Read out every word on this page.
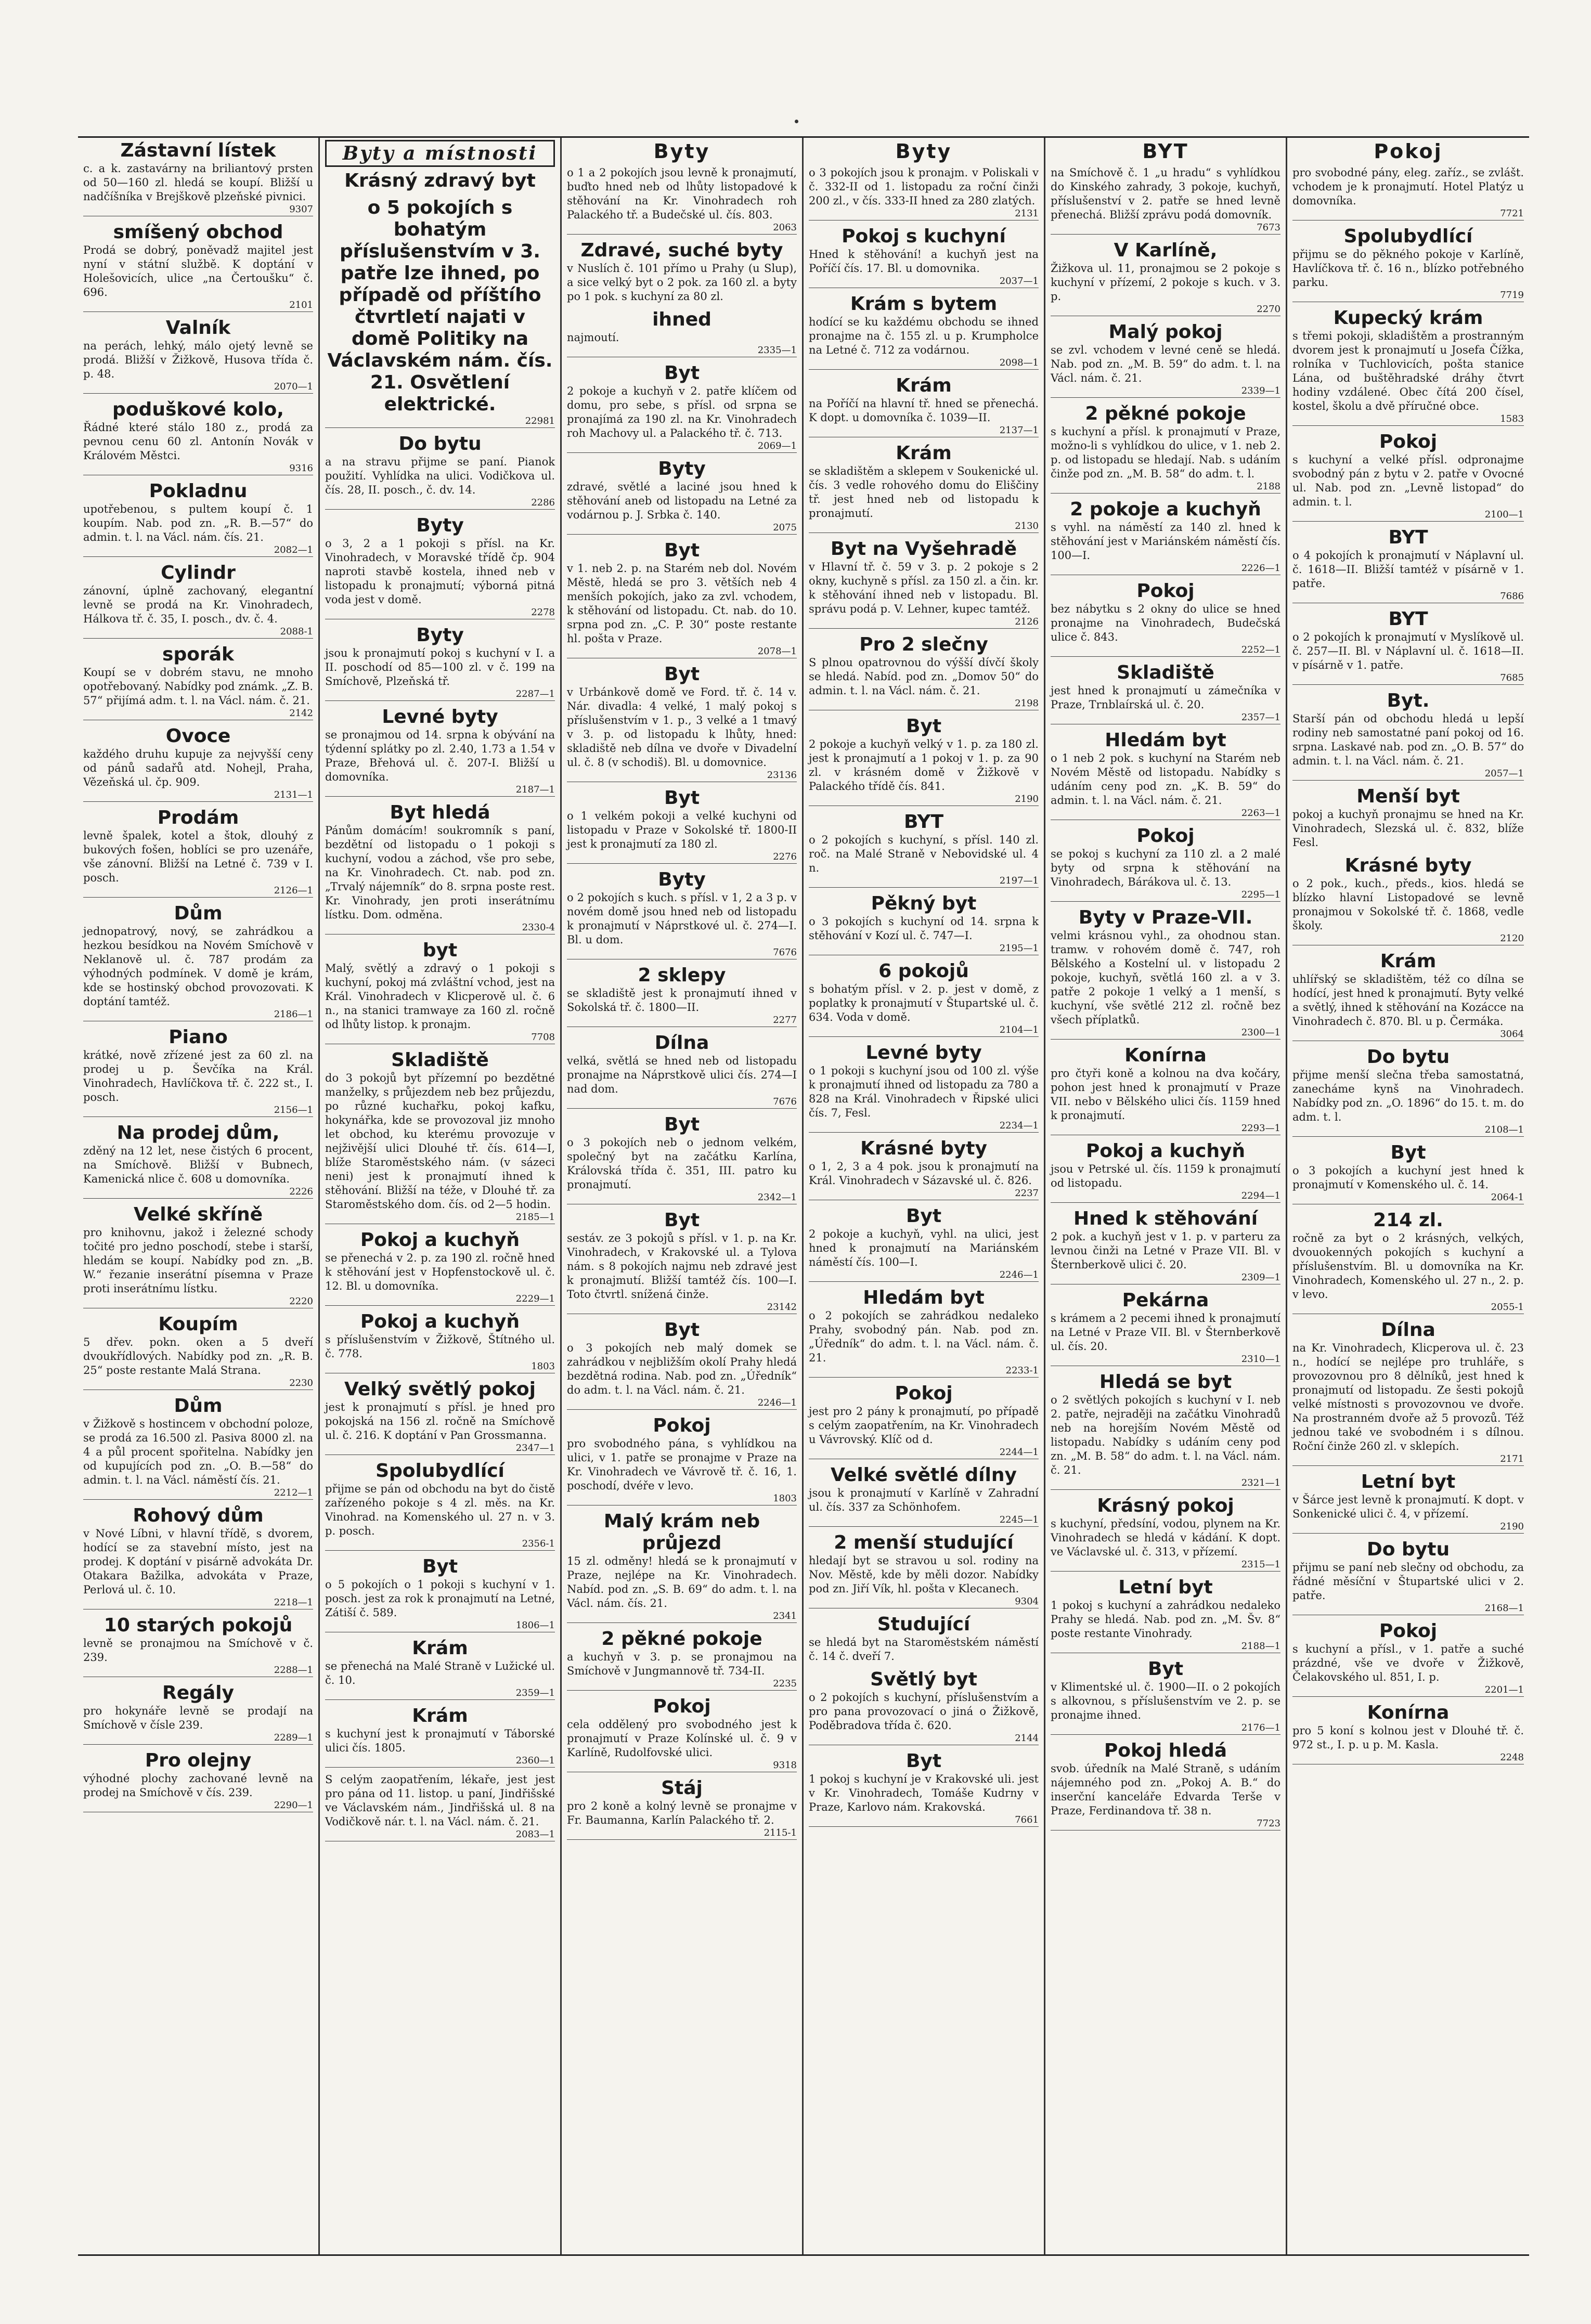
Zástavní lístek
c. a k. zastavárny na briliantový prsten od 50—160 zl. hledá se koupí. Bližší u nadčíšníka v Brejškově plzeňské pivnici.
9307
smíšený obchod
Prodá se dobrý, poněvadž majitel jest nyní v státní službě. K doptání v Holešovicích, ulice „na Čertoušku“ č. 696.
2101
Valník
na perách, lehký, málo ojetý levně se prodá. Bližší v Žižkově, Husova třída č. p. 48.
2070—1
poduškové kolo,
Řádné které stálo 180 z., prodá za pevnou cenu 60 zl. Antonín Novák v Královém Městci.
9316
Pokladnu
upotřebenou, s pultem koupí č. 1 koupím. Nab. pod zn. „R. B.—57“ do admin. t. l. na Václ. nám. čís. 21.
2082—1
Cylindr
zánovní, úplně zachovaný, elegantní levně se prodá na Kr. Vinohradech, Hálkova tř. č. 35, I. posch., dv. č. 4.
2088-1
sporák
Koupí se v dobrém stavu, ne mnoho opotřebovaný. Nabídky pod známk. „Z. B. 57“ přijímá adm. t. l. na Václ. nám. č. 21.
2142
Ovoce
každého druhu kupuje za nejvyšší ceny od pánů sadařů atd. Nohejl, Praha, Vězeňská ul. čp. 909.
2131—1
Prodám
levně špalek, kotel a štok, dlouhý z bukových fošen, hoblíci se pro uzenáře, vše zánovní. Bližší na Letné č. 739 v I. posch.
2126—1
Dům
jednopatrový, nový, se zahrádkou a hezkou besídkou na Novém Smíchově v Neklanově ul. č. 787 prodám za výhodných podmínek. V domě je krám, kde se hostinský obchod provozovati. K doptání tamtéž.
2186—1
Piano
krátké, nově zřízené jest za 60 zl. na prodej u p. Ševčíka na Král. Vinohradech, Havlíčkova tř. č. 222 st., I. posch.
2156—1
Na prodej dům,
zděný na 12 let, nese čistých 6 procent, na Smíchově. Bližší v Bubnech, Kamenická nlice č. 608 u domovníka.
2226
Velké skříně
pro knihovnu, jakož i železné schody točité pro jedno poschodí, stebe i starší, hledám se koupí. Nabídky pod zn. „B. W.“ řezanie inserátní písemna v Praze proti inserátnímu lístku.
2220
Koupím
5 dřev. pokn. oken a 5 dveří dvoukřídlových. Nabídky pod zn. „R. B. 25“ poste restante Malá Strana.
2230
Dům
v Žižkově s hostincem v obchodní poloze, se prodá za 16.500 zl. Pasiva 8000 zl. na 4 a půl procent spořitelna. Nabídky jen od kupujících pod zn. „O. B.—58“ do admin. t. l. na Václ. náměstí čís. 21.
2212—1
Rohový dům
v Nové Líbni, v hlavní třídě, s dvorem, hodící se za stavební místo, jest na prodej. K doptání v pisárně advokáta Dr. Otakara Bažilka, advokáta v Praze, Perlová ul. č. 10.
2218—1
10 starých pokojů
levně se pronajmou na Smíchově v č. 239.
2288—1
Regály
pro hokynáře levně se prodají na Smíchově v čísle 239.
2289—1
Pro olejny
výhodné plochy zachované levně na prodej na Smíchově v čís. 239.
2290—1
Byty a místnosti
Krásný zdravý byt
o 5 pokojích s bohatým příslušenstvím v 3. patře lze ihned, po případě od příštího čtvrtletí najati v domě Politiky na Václavském nám. čís. 21. Osvětlení elektrické.
22981
Do bytu
a na stravu přijme se paní. Pianok použití. Vyhlídka na ulici. Vodičkova ul. čís. 28, II. posch., č. dv. 14.
2286
Byty
o 3, 2 a 1 pokoji s přísl. na Kr. Vinohradech, v Moravské třídě čp. 904 naproti stavbě kostela, ihned neb v listopadu k pronajmutí; výborná pitná voda jest v domě.
2278
Byty
jsou k pronajmutí pokoj s kuchyní v I. a II. poschodí od 85—100 zl. v č. 199 na Smíchově, Plzeňská tř.
2287—1
Levné byty
se pronajmou od 14. srpna k obývání na týdenní splátky po zl. 2.40, 1.73 a 1.54 v Praze, Břehová ul. č. 207-I. Bližší u domovníka.
2187—1
Byt hledá
Pánům domácím! soukromník s paní, bezdětní od listopadu o 1 pokoji s kuchyní, vodou a záchod, vše pro sebe, na Kr. Vinohradech. Ct. nab. pod zn. „Trvalý nájemník“ do 8. srpna poste rest. Kr. Vinohrady, jen proti inserátnímu lístku. Dom. odměna.
2330-4
byt
Malý, světlý a zdravý o 1 pokoji s kuchyní, pokoj má zvláštní vchod, jest na Král. Vinohradech v Klicperově ul. č. 6 n., na stanici tramwaye za 160 zl. ročně od lhůty listop. k pronajm.
7708
Skladiště
do 3 pokojů byt přízemní po bezdětné manželky, s průjezdem neb bez průjezdu, po různé kuchařku, pokoj kafku, hokynářka, kde se provozoval jiz mnoho let obchod, ku kterému provozuje v nejživější ulici Dlouhé tř. čís. 614—I, blíže Staroměstského nám. (v sázeci neni) jest k pronajmutí ihned k stěhování. Bližší na téže, v Dlouhé tř. za Staroměstského dom. čís. od 2—5 hodin.
2185—1
Pokoj a kuchyň
se přenechá v 2. p. za 190 zl. ročně hned k stěhování jest v Hopfenstockově ul. č. 12. Bl. u domovníka.
2229—1
Pokoj a kuchyň
s příslušenstvím v Žižkově, Štítného ul. č. 778.
1803
Velký světlý pokoj
jest k pronajmutí s přísl. je hned pro pokojská na 156 zl. ročně na Smíchově ul. č. 216. K doptání v Pan Grossmanna.
2347—1
Spolubydlící
přijme se pán od obchodu na byt do čistě zařízeného pokoje s 4 zl. měs. na Kr. Vinohrad. na Komenského ul. 27 n. v 3. p. posch.
2356-1
Byt
o 5 pokojích o 1 pokoji s kuchyní v 1. posch. jest za rok k pronajmutí na Letné, Zátiší č. 589.
1806—1
Krám
se přenechá na Malé Straně v Lužické ul. č. 10.
2359—1
Krám
s kuchyní jest k pronajmutí v Táborské ulici čís. 1805.
2360—1
S celým zaopatřením, lékaře, jest jest pro pána od 11. listop. u paní, Jindřišské ve Václavském nám., Jindřišská ul. 8 na Vodičkově nár. t. l. na Václ. nám. č. 21.
2083—1
Byty
o 1 a 2 pokojích jsou levně k pronajmutí, buďto hned neb od lhůty listopadové k stěhování na Kr. Vinohradech roh Palackého tř. a Budečské ul. čís. 803.
2063
Zdravé, suché byty
v Nuslích č. 101 přímo u Prahy (u Slup), a sice velký byt o 2 pok. za 160 zl. a byty po 1 pok. s kuchyní za 80 zl.
ihned
najmoutí.
2335—1
Byt
2 pokoje a kuchyň v 2. patře klíčem od domu, pro sebe, s přísl. od srpna se pronajímá za 190 zl. na Kr. Vinohradech roh Machovy ul. a Palackého tř. č. 713.
2069—1
Byty
zdravé, světlé a laciné jsou hned k stěhování aneb od listopadu na Letné za vodárnou p. J. Srbka č. 140.
2075
Byt
v 1. neb 2. p. na Starém neb dol. Novém Městě, hledá se pro 3. větších neb 4 menších pokojích, jako za zvl. vchodem, k stěhování od listopadu. Ct. nab. do 10. srpna pod zn. „C. P. 30“ poste restante hl. pošta v Praze.
2078—1
Byt
v Urbánkově domě ve Ford. tř. č. 14 v. Nár. divadla: 4 velké, 1 malý pokoj s příslušenstvím v 1. p., 3 velké a 1 tmavý v 3. p. od listopadu k lhůty, hned: skladiště neb dílna ve dvoře v Divadelní ul. č. 8 (v schodiš). Bl. u domovnice.
23136
Byt
o 1 velkém pokoji a velké kuchyni od listopadu v Praze v Sokolské tř. 1800-II jest k pronajmutí za 180 zl.
2276
Byty
o 2 pokojích s kuch. s přísl. v 1, 2 a 3 p. v novém domě jsou hned neb od listopadu k pronajmutí v Náprstkové ul. č. 274—I. Bl. u dom.
7676
2 sklepy
se skladiště jest k pronajmutí ihned v Sokolská tř. č. 1800—II.
2277
Dílna
velká, světlá se hned neb od listopadu pronajme na Náprstkově ulici čís. 274—I nad dom.
7676
Byt
o 3 pokojích neb o jednom velkém, společný byt na začátku Karlína, Královská třída č. 351, III. patro ku pronajmutí.
2342—1
Byt
sestáv. ze 3 pokojů s přísl. v 1. p. na Kr. Vinohradech, v Krakovské ul. a Tylova nám. s 8 pokojích najmu neb zdravé jest k pronajmutí. Bližší tamtéž čís. 100—I. Toto čtvrtl. snížená činže.
23142
Byt
o 3 pokojích neb malý domek se zahrádkou v nejbližším okolí Prahy hledá bezdětná rodina. Nab. pod zn. „Úředník“ do adm. t. l. na Václ. nám. č. 21.
2246—1
Pokoj
pro svobodného pána, s vyhlídkou na ulici, v 1. patře se pronajme v Praze na Kr. Vinohradech ve Vávrově tř. č. 16, 1. poschodí, dvéře v levo.
1803
Malý krám neb průjezd
15 zl. odměny! hledá se k pronajmutí v Praze, nejlépe na Kr. Vinohradech. Nabíd. pod zn. „S. B. 69“ do adm. t. l. na Václ. nám. čís. 21.
2341
2 pěkné pokoje
a kuchyň v 3. p. se pronajmou na Smíchově v Jungmannově tř. 734-II.
2235
Pokoj
cela oddělený pro svobodného jest k pronajmutí v Praze Kolínské ul. č. 9 v Karlíně, Rudolfovské ulici.
9318
Stáj
pro 2 koně a kolný levně se pronajme v Fr. Baumanna, Karlín Palackého tř. 2.
2115-1
Byty
o 3 pokojích jsou k pronajm. v Poliskali v č. 332-II od 1. listopadu za roční činži 200 zl., v čís. 333-II hned za 280 zlatých.
2131
Pokoj s kuchyní
Hned k stěhování! a kuchyň jest na Poříčí čís. 17. Bl. u domovnika.
2037—1
Krám s bytem
hodící se ku každému obchodu se ihned pronajme na č. 155 zl. u p. Krumpholce na Letné č. 712 za vodárnou.
2098—1
Krám
na Poříčí na hlavní tř. hned se přenechá. K dopt. u domovníka č. 1039—II.
2137—1
Krám
se skladištěm a sklepem v Soukenické ul. čís. 3 vedle rohového domu do Eliščiny tř. jest hned neb od listopadu k pronajmutí.
2130
Byt na Vyšehradě
v Hlavní tř. č. 59 v 3. p. 2 pokoje s 2 okny, kuchyně s přísl. za 150 zl. a čin. kr. k stěhování ihned neb v listopadu. Bl. správu podá p. V. Lehner, kupec tamtéž.
2126
Pro 2 slečny
S plnou opatrovnou do výšší dívčí školy se hledá. Nabíd. pod zn. „Domov 50“ do admin. t. l. na Václ. nám. č. 21.
2198
Byt
2 pokoje a kuchyň velký v 1. p. za 180 zl. jest k pronajmutí a 1 pokoj v 1. p. za 90 zl. v krásném domě v Žižkově v Palackého třídě čís. 841.
2190
BYT
o 2 pokojích s kuchyní, s přísl. 140 zl. roč. na Malé Straně v Nebovidské ul. 4 n.
2197—1
Pěkný byt
o 3 pokojích s kuchyní od 14. srpna k stěhování v Kozí ul. č. 747—I.
2195—1
6 pokojů
s bohatým přísl. v 2. p. jest v domě, z poplatky k pronajmutí v Štupartské ul. č. 634. Voda v domě.
2104—1
Levné byty
o 1 pokoji s kuchyní jsou od 100 zl. výše k pronajmutí ihned od listopadu za 780 a 828 na Král. Vinohradech v Řipské ulici čís. 7, Fesl.
2234—1
Krásné byty
o 1, 2, 3 a 4 pok. jsou k pronajmutí na Král. Vinohradech v Sázavské ul. č. 826.
2237
Byt
2 pokoje a kuchyň, vyhl. na ulici, jest hned k pronajmutí na Mariánském náměstí čís. 100—I.
2246—1
Hledám byt
o 2 pokojích se zahrádkou nedaleko Prahy, svobodný pán. Nab. pod zn. „Úředník“ do adm. t. l. na Václ. nám. č. 21.
2233-1
Pokoj
jest pro 2 pány k pronajmutí, po případě s celým zaopatřením, na Kr. Vinohradech u Vávrovský. Klíč od d.
2244—1
Velké světlé dílny
jsou k pronajmutí v Karlíně v Zahradní ul. čís. 337 za Schönhofem.
2245—1
2 menší studující
hledají byt se stravou u sol. rodiny na Nov. Městě, kde by měli dozor. Nabídky pod zn. Jiří Vík, hl. pošta v Klecanech.
9304
Studující
se hledá byt na Staroměstském náměstí č. 14 č. dveří 7.
Světlý byt
o 2 pokojích s kuchyní, příslušenstvím a pro pana provozovací o jiná o Žižkově, Poděbradova třída č. 620.
2144
Byt
1 pokoj s kuchyní je v Krakovské uli. jest v Kr. Vinohradech, Tomáše Kudrny v Praze, Karlovo nám. Krakovská.
7661
BYT
na Smíchově č. 1 „u hradu“ s vyhlídkou do Kinského zahrady, 3 pokoje, kuchyň, příslušenství v 2. patře se hned levně přenechá. Bližší zprávu podá domovník.
7673
V Karlíně,
Žižkova ul. 11, pronajmou se 2 pokoje s kuchyní v přízemí, 2 pokoje s kuch. v 3. p.
2270
Malý pokoj
se zvl. vchodem v levné ceně se hledá. Nab. pod zn. „M. B. 59“ do adm. t. l. na Václ. nám. č. 21.
2339—1
2 pěkné pokoje
s kuchyní a přísl. k pronajmutí v Praze, možno-li s vyhlídkou do ulice, v 1. neb 2. p. od listopadu se hledají. Nab. s udáním činže pod zn. „M. B. 58“ do adm. t. l.
2188
2 pokoje a kuchyň
s vyhl. na náměstí za 140 zl. hned k stěhování jest v Mariánském náměstí čís. 100—I.
2226—1
Pokoj
bez nábytku s 2 okny do ulice se hned pronajme na Vinohradech, Budečská ulice č. 843.
2252—1
Skladiště
jest hned k pronajmutí u zámečníka v Praze, Trnblaírská ul. č. 20.
2357—1
Hledám byt
o 1 neb 2 pok. s kuchyní na Starém neb Novém Městě od listopadu. Nabídky s udáním ceny pod zn. „K. B. 59“ do admin. t. l. na Václ. nám. č. 21.
2263—1
Pokoj
se pokoj s kuchyní za 110 zl. a 2 malé byty od srpna k stěhování na Vinohradech, Bárákova ul. č. 13.
2295—1
Byty v Praze-VII.
velmi krásnou vyhl., za ohodnou stan. tramw. v rohovém domě č. 747, roh Bělského a Kostelní ul. v listopadu 2 pokoje, kuchyň, světlá 160 zl. a v 3. patře 2 pokoje 1 velký a 1 menší, s kuchyní, vše světlé 212 zl. ročně bez všech příplatků.
2300—1
Konírna
pro čtyři koně a kolnou na dva kočáry, pohon jest hned k pronajmutí v Praze VII. nebo v Bělského ulici čís. 1159 hned k pronajmutí.
2293—1
Pokoj a kuchyň
jsou v Petrské ul. čís. 1159 k pronajmutí od listopadu.
2294—1
Hned k stěhování
2 pok. a kuchyň jest v 1. p. v parteru za levnou činži na Letné v Praze VII. Bl. v Šternberkově ulici č. 20.
2309—1
Pekárna
s krámem a 2 pecemi ihned k pronajmutí na Letné v Praze VII. Bl. v Šternberkově ul. čís. 20.
2310—1
Hledá se byt
o 2 světlých pokojích s kuchyní v I. neb 2. patře, nejraději na začátku Vinohradů neb na horejším Novém Městě od listopadu. Nabídky s udáním ceny pod zn. „M. B. 58“ do adm. t. l. na Václ. nám. č. 21.
2321—1
Krásný pokoj
s kuchyní, předsíní, vodou, plynem na Kr. Vinohradech se hledá v kádání. K dopt. ve Václavské ul. č. 313, v přízemí.
2315—1
Letní byt
1 pokoj s kuchyní a zahrádkou nedaleko Prahy se hledá. Nab. pod zn. „M. Šv. 8“ poste restante Vinohrady.
2188—1
Byt
v Klimentské ul. č. 1900—II. o 2 pokojích s alkovnou, s příslušenstvím ve 2. p. se pronajme ihned.
2176—1
Pokoj hledá
svob. úředník na Malé Straně, s udáním nájemného pod zn. „Pokoj A. B.“ do inserční kanceláře Edvarda Terše v Praze, Ferdinandova tř. 38 n.
7723
Pokoj
pro svobodné pány, eleg. zaříz., se zvlášt. vchodem je k pronajmutí. Hotel Platýz u domovníka.
7721
Spolubydlící
přijmu se do pěkného pokoje v Karlíně, Havlíčkova tř. č. 16 n., blízko potřebného parku.
7719
Kupecký krám
s třemi pokoji, skladištěm a prostranným dvorem jest k pronajmutí u Josefa Čížka, rolníka v Tuchlovicích, pošta stanice Lána, od buštěhradské dráhy čtvrt hodiny vzdálené. Obec čítá 200 čísel, kostel, školu a dvě příručné obce.
1583
Pokoj
s kuchyní a velké přísl. odpronajme svobodný pán z bytu v 2. patře v Ovocné ul. Nab. pod zn. „Levně listopad“ do admin. t. l.
2100—1
BYT
o 4 pokojích k pronajmutí v Náplavní ul. č. 1618—II. Bližší tamtéž v písárně v 1. patře.
7686
BYT
o 2 pokojích k pronajmutí v Myslíkově ul. č. 257—II. Bl. v Náplavní ul. č. 1618—II. v písárně v 1. patře.
7685
Byt.
Starší pán od obchodu hledá u lepší rodiny neb samostatné paní pokoj od 16. srpna. Laskavé nab. pod zn. „O. B. 57“ do admin. t. l. na Václ. nám. č. 21.
2057—1
Menší byt
pokoj a kuchyň pronajmu se hned na Kr. Vinohradech, Slezská ul. č. 832, blíže Fesl.
Krásné byty
o 2 pok., kuch., předs., kios. hledá se blízko hlavní Listopadové se levně pronajmou v Sokolské tř. č. 1868, vedle školy.
2120
Krám
uhlířský se skladištěm, též co dílna se hodící, jest hned k pronajmutí. Byty velké a světlý, ihned k stěhování na Kozácce na Vinohradech č. 870. Bl. u p. Čermáka.
3064
Do bytu
přijme menší slečna třeba samostatná, zanecháme kynš na Vinohradech. Nabídky pod zn. „O. 1896“ do 15. t. m. do adm. t. l.
2108—1
Byt
o 3 pokojích a kuchyní jest hned k pronajmutí v Komenského ul. č. 14.
2064-1
214 zl.
ročně za byt o 2 krásných, velkých, dvouokenných pokojích s kuchyní a příslušenstvím. Bl. u domovníka na Kr. Vinohradech, Komenského ul. 27 n., 2. p. v levo.
2055-1
Dílna
na Kr. Vinohradech, Klicperova ul. č. 23 n., hodící se nejlépe pro truhláře, s provozovnou pro 8 dělníků, jest hned k pronajmutí od listopadu. Ze šesti pokojů velké místnosti s provozovnou ve dvoře. Na prostranném dvoře až 5 provozů. Též jednou také ve svobodném i s dílnou. Roční činže 260 zl. v sklepích.
2171
Letní byt
v Šárce jest levně k pronajmutí. K dopt. v Sonkenické ulici č. 4, v přízemí.
2190
Do bytu
přijmu se paní neb slečny od obchodu, za řádné měsíční v Štupartské ulici v 2. patře.
2168—1
Pokoj
s kuchyní a přísl., v 1. patře a suché prázdné, vše ve dvoře v Žižkově, Čelakovského ul. 851, I. p.
2201—1
Konírna
pro 5 koní s kolnou jest v Dlouhé tř. č. 972 st., I. p. u p. M. Kasla.
2248
